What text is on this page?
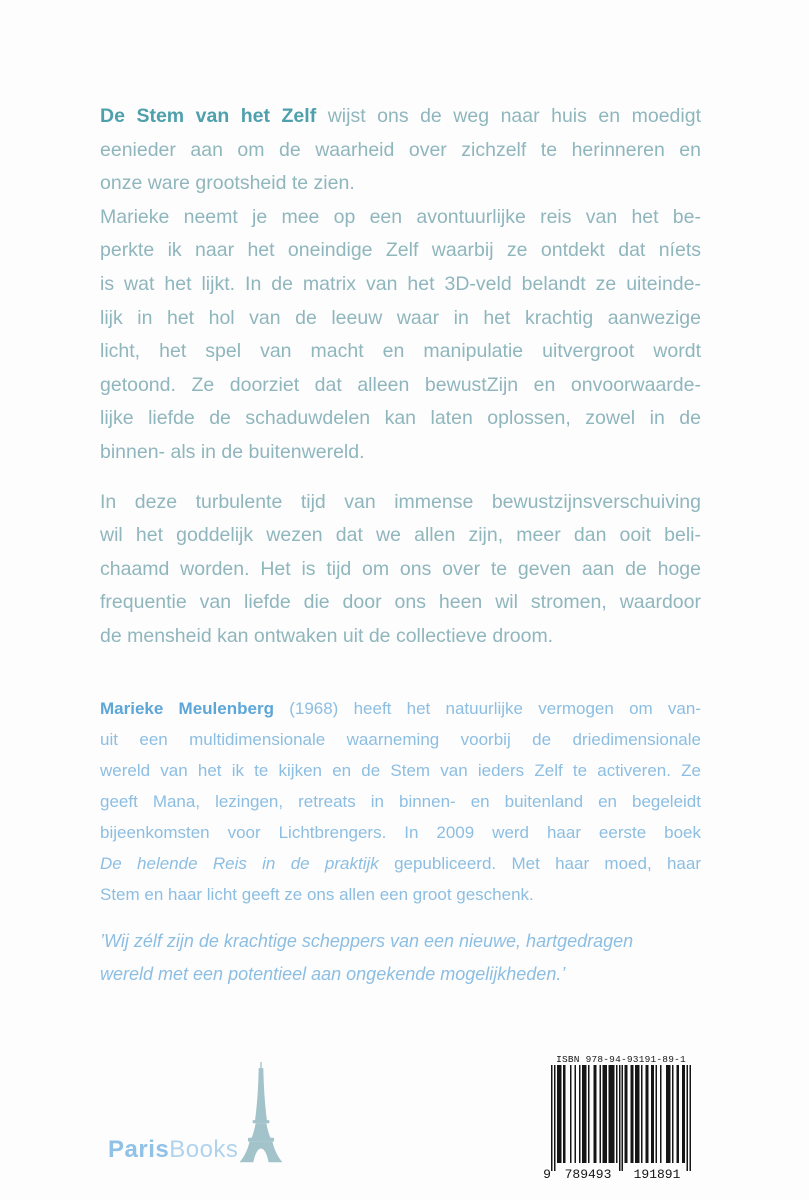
De Stem van het Zelf wijst ons de weg naar huis en moedigt
eenieder aan om de waarheid over zichzelf te herinneren en
onze ware grootsheid te zien.
Marieke neemt je mee op een avontuurlijke reis van het be-
perkte ik naar het oneindige Zelf waarbij ze ontdekt dat níets
is wat het lijkt. In de matrix van het 3D-veld belandt ze uiteinde-
lijk in het hol van de leeuw waar in het krachtig aanwezige
licht, het spel van macht en manipulatie uitvergroot wordt
getoond. Ze doorziet dat alleen bewustZijn en onvoorwaarde-
lijke liefde de schaduwdelen kan laten oplossen, zowel in de
binnen- als in de buitenwereld.
In deze turbulente tijd van immense bewustzijnsverschuiving
wil het goddelijk wezen dat we allen zijn, meer dan ooit beli-
chaamd worden. Het is tijd om ons over te geven aan de hoge
frequentie van liefde die door ons heen wil stromen, waardoor
de mensheid kan ontwaken uit de collectieve droom.
Marieke Meulenberg (1968) heeft het natuurlijke vermogen om van-
uit een multidimensionale waarneming voorbij de driedimensionale
wereld van het ik te kijken en de Stem van ieders Zelf te activeren. Ze
geeft Mana, lezingen, retreats in binnen- en buitenland en begeleidt
bijeenkomsten voor Lichtbrengers. In 2009 werd haar eerste boek
De helende Reis in de praktijk gepubliceerd. Met haar moed, haar
Stem en haar licht geeft ze ons allen een groot geschenk.
’Wij zélf zijn de krachtige scheppers van een nieuwe, hartgedragen
wereld met een potentieel aan ongekende mogelijkheden.’
ParisBooks
ISBN 978-94-93191-89-1
9 789493 191891
